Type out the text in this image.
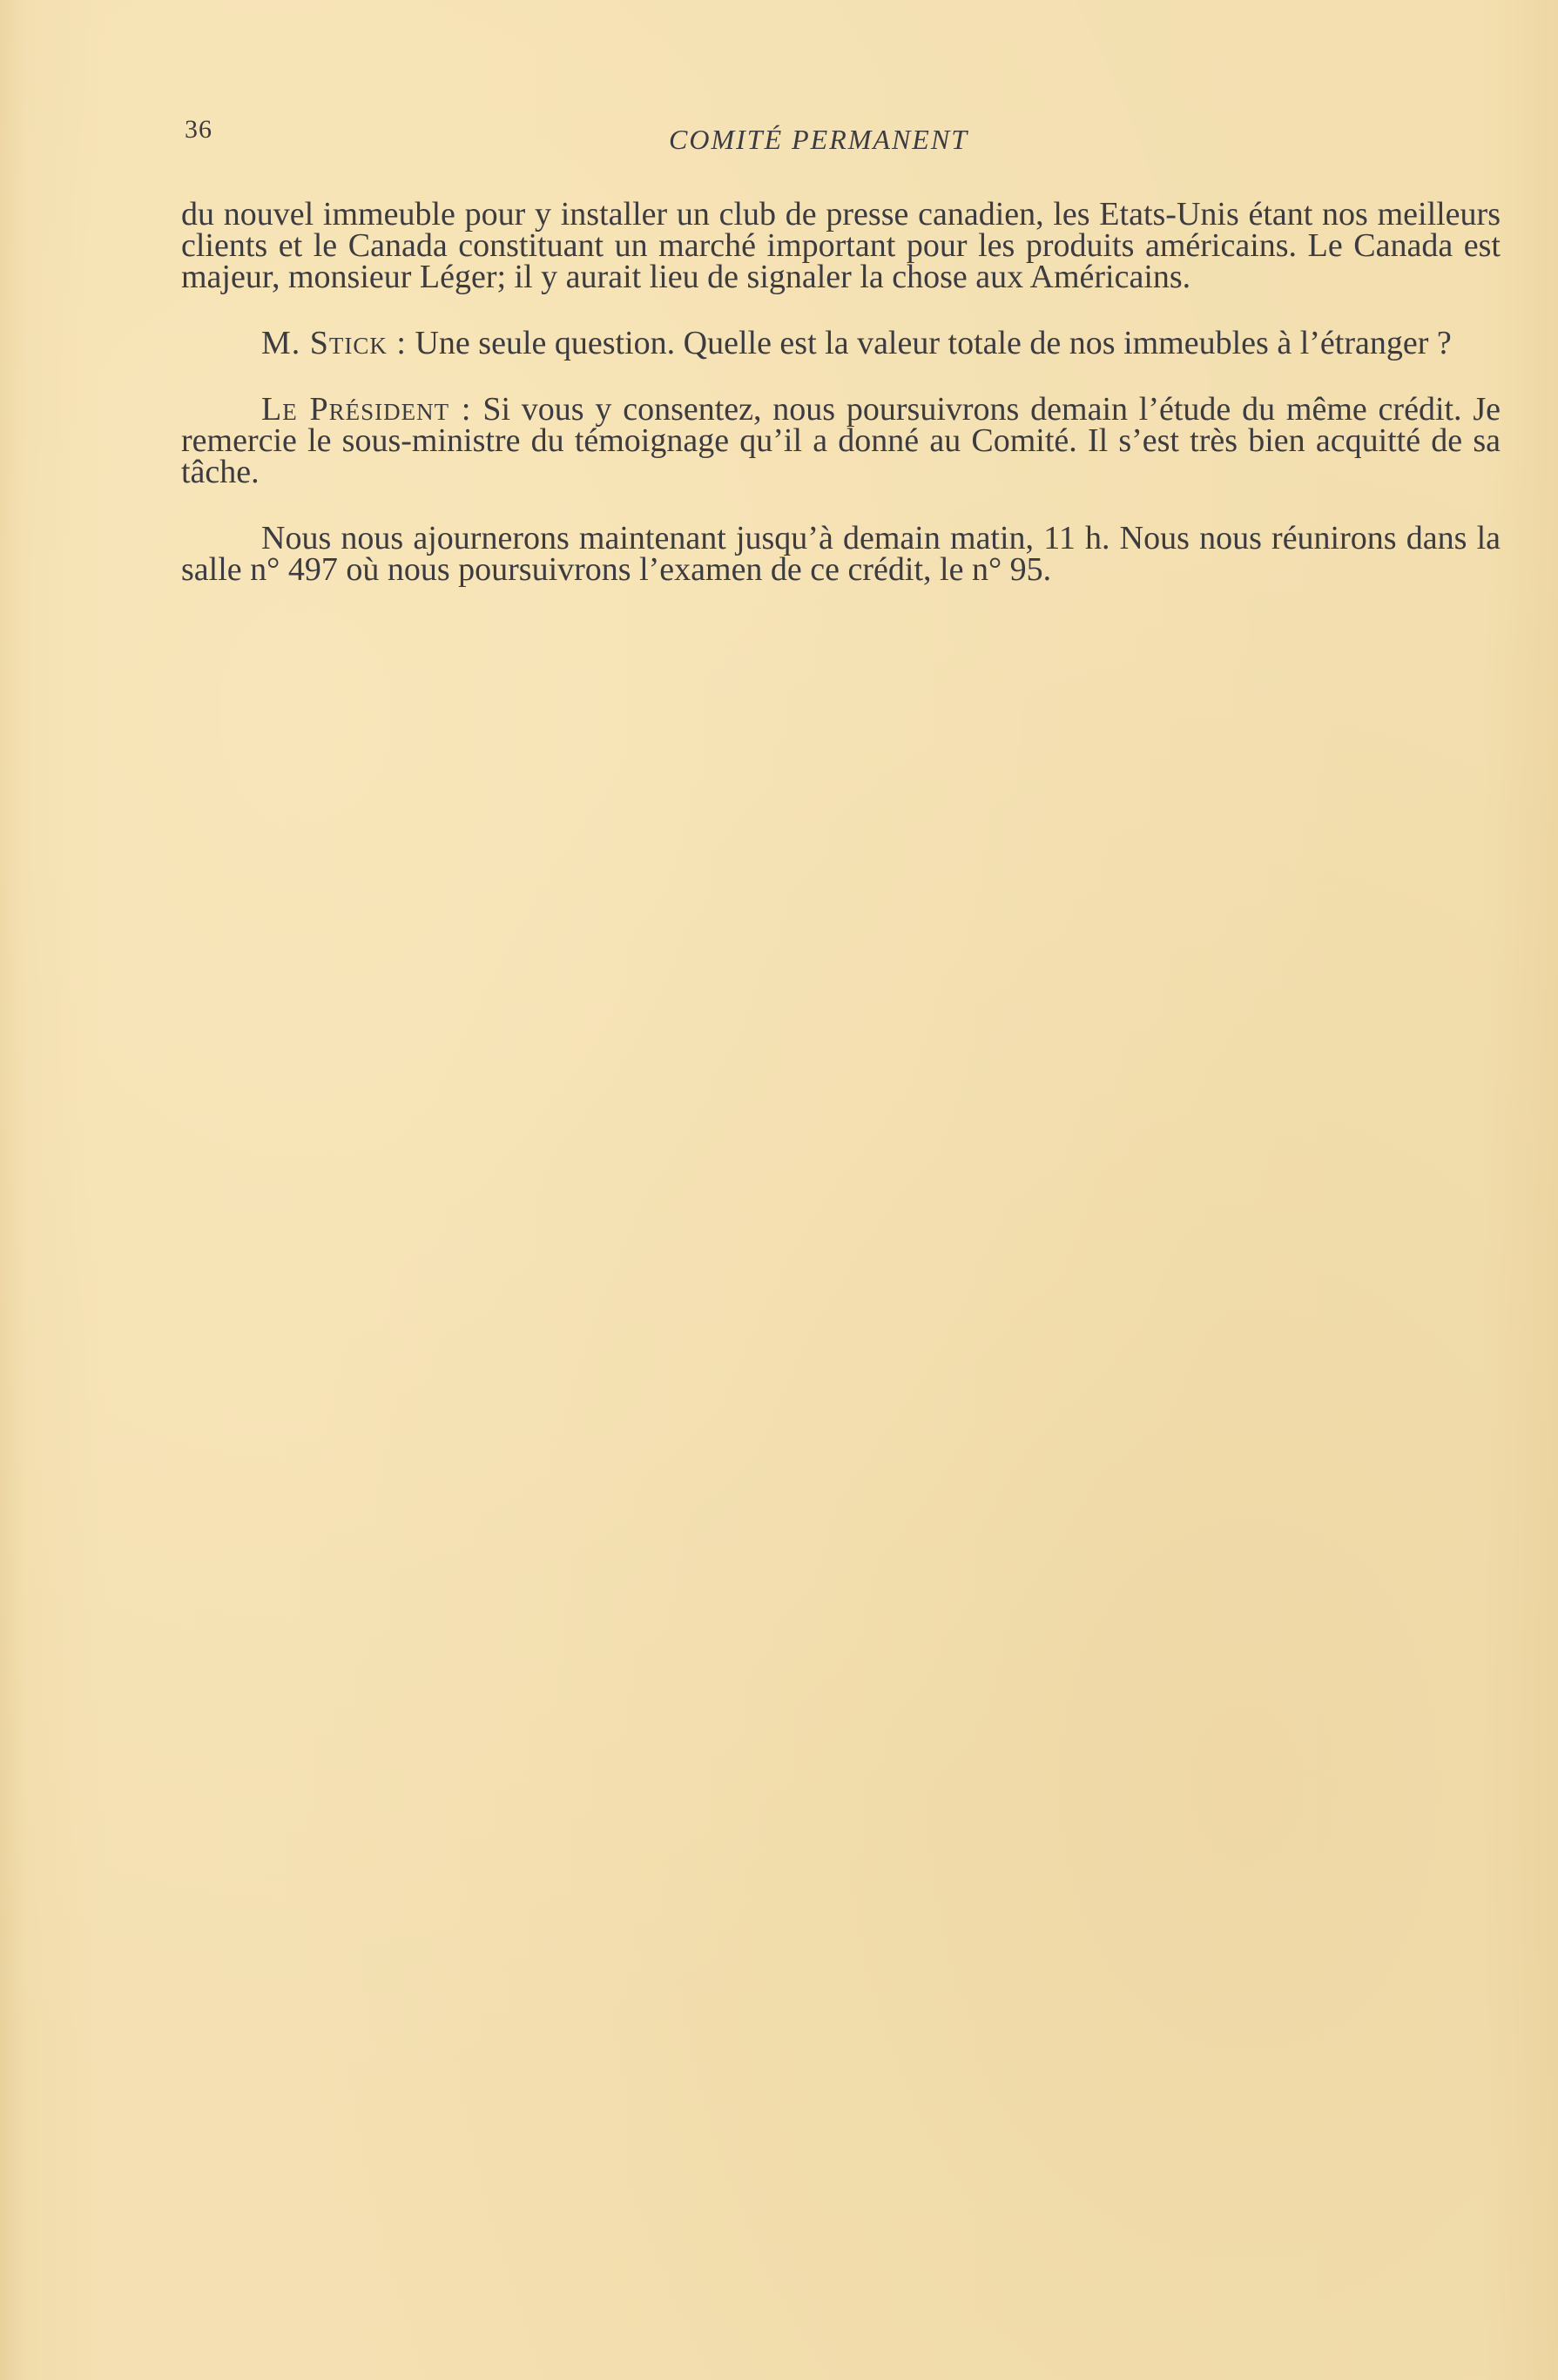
36	COMITÉ PERMANENT

du nouvel immeuble pour y installer un club de presse canadien, les Etats-Unis étant nos meilleurs clients et le Canada constituant un marché important pour les produits américains. Le Canada est majeur, monsieur Léger; il y aurait lieu de signaler la chose aux Américains.

M. Stick : Une seule question. Quelle est la valeur totale de nos immeubles à l’étranger ?

Le Président : Si vous y consentez, nous poursuivrons demain l’étude du même crédit. Je remercie le sous-ministre du témoignage qu’il a donné au Comité. Il s’est très bien acquitté de sa tâche.

Nous nous ajournerons maintenant jusqu’à demain matin, 11 h. Nous nous réunirons dans la salle n° 497 où nous poursuivrons l’examen de ce crédit, le n° 95.
